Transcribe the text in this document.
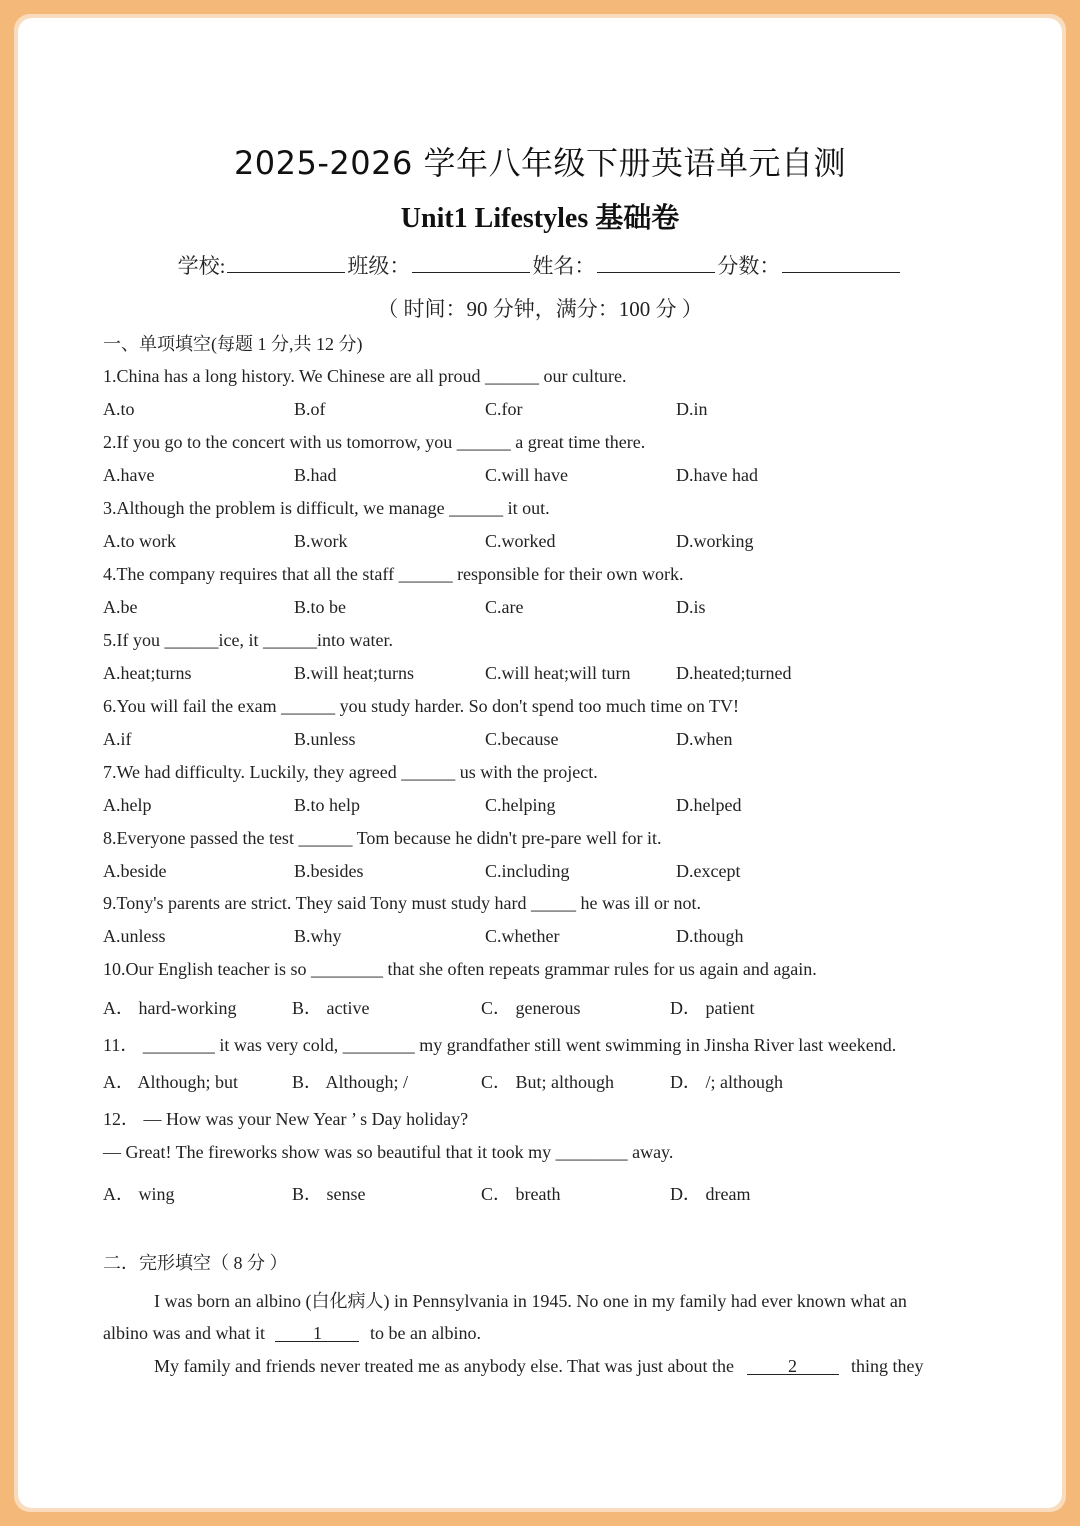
2025-2026 学年八年级下册英语单元自测
Unit1 Lifestyles 基础卷
学校:	班级：	姓名：	分数：
（ 时间：90 分钟，满分：100 分 ）
一、单项填空(每题 1 分,共 12 分)
1.China has a long history. We Chinese are all proud ______ our culture.
A.to	B.of	C.for	D.in
2.If you go to the concert with us tomorrow, you ______ a great time there.
A.have	B.had	C.will have	D.have had
3.Although the problem is difficult, we manage ______ it out.
A.to work	B.work	C.worked	D.working
4.The company requires that all the staff ______ responsible for their own work.
A.be	B.to be	C.are	D.is
5.If you ______ice, it ______into water.
A.heat;turns	B.will heat;turns	C.will heat;will turn	D.heated;turned
6.You will fail the exam ______ you study harder. So don't spend too much time on TV!
A.if	B.unless	C.because	D.when
7.We had difficulty. Luckily, they agreed ______ us with the project.
A.help	B.to help	C.helping	D.helped
8.Everyone passed the test ______ Tom because he didn't pre-pare well for it.
A.beside	B.besides	C.including	D.except
9.Tony's parents are strict. They said Tony must study hard _____ he was ill or not.
A.unless	B.why	C.whether	D.though
10.Our English teacher is so ________ that she often repeats grammar rules for us again and again.
A． hard-working	B． active	C． generous	D． patient
11． ________ it was very cold, ________ my grandfather still went swimming in Jinsha River last weekend.
A． Although; but	B． Although; /	C． But; although	D． /; although
12． — How was your New Year ’ s Day holiday?
— Great! The fireworks show was so beautiful that it took my ________ away.
A． wing	B． sense	C． breath	D． dream
二．完形填空（ 8 分 ）
I was born an albino (白化病人) in Pennsylvania in 1945. No one in my family had ever known what an
albino was and what it	1	to be an albino.
My family and friends never treated me as anybody else. That was just about the	2	thing they
